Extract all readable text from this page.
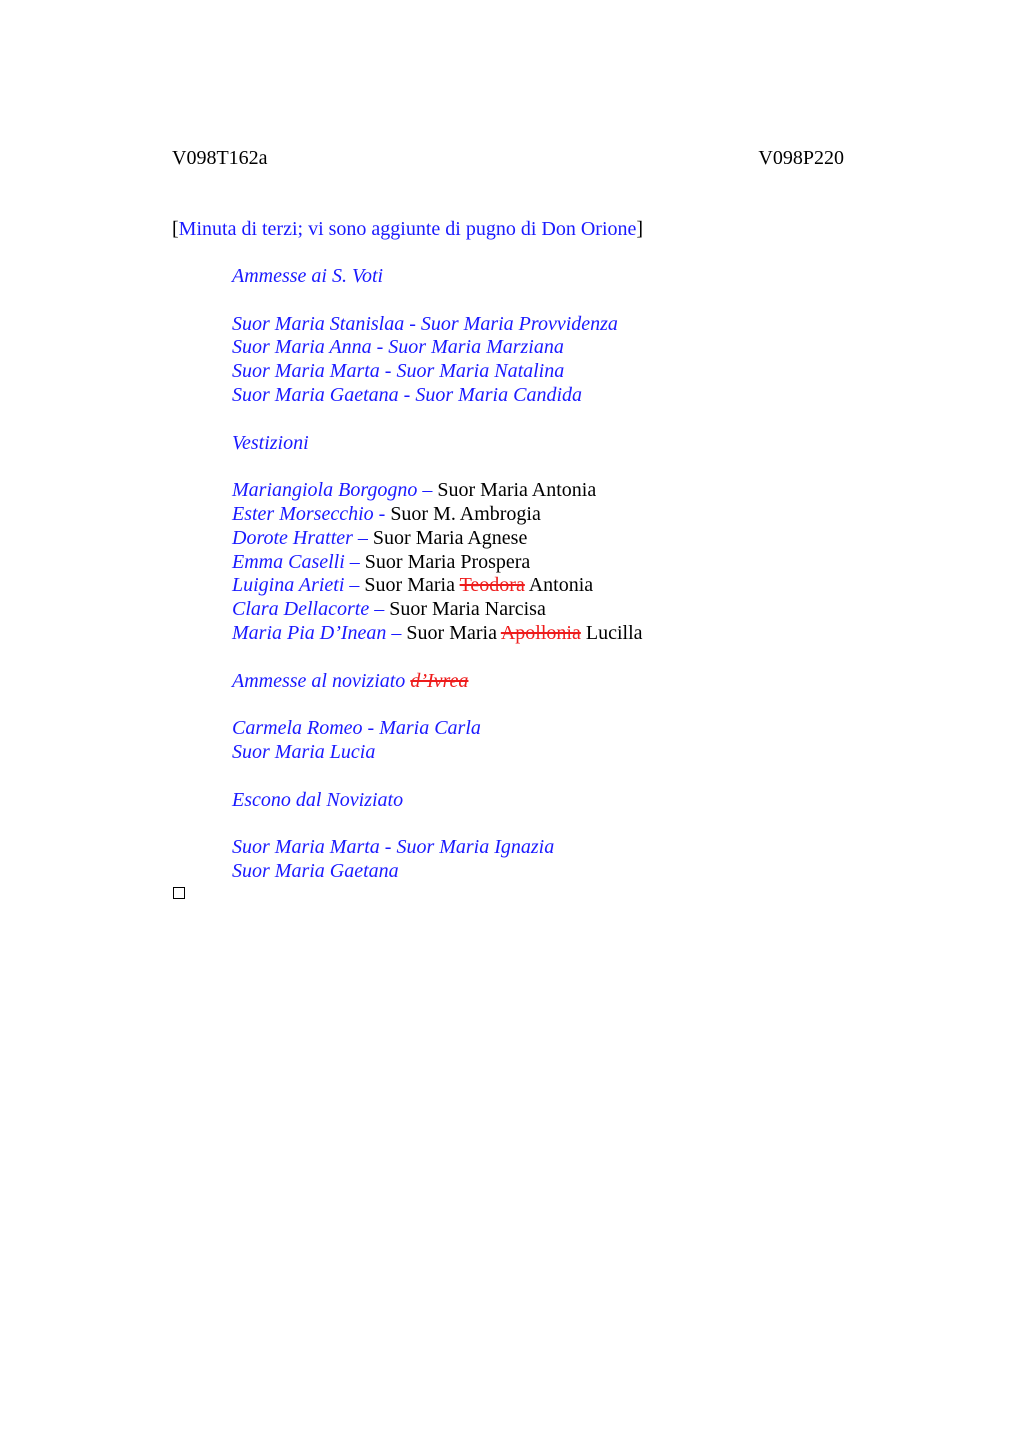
V098T162a	V098P220
[Minuta di terzi; vi sono aggiunte di pugno di Don Orione]
Ammesse ai S. Voti
Suor Maria Stanislaa - Suor Maria Provvidenza
Suor Maria Anna - Suor Maria Marziana
Suor Maria Marta - Suor Maria Natalina
Suor Maria Gaetana - Suor Maria Candida
Vestizioni
Mariangiola Borgogno – Suor Maria Antonia
Ester Morsecchio - Suor M. Ambrogia
Dorote Hratter – Suor Maria Agnese
Emma Caselli – Suor Maria Prospera
Luigina Arieti – Suor Maria Teodora Antonia
Clara Dellacorte – Suor Maria Narcisa
Maria Pia D’Inean – Suor Maria Apollonia Lucilla
Ammesse al noviziato d’Ivrea
Carmela Romeo - Maria Carla
Suor Maria Lucia
Escono dal Noviziato
Suor Maria Marta - Suor Maria Ignazia
Suor Maria Gaetana
